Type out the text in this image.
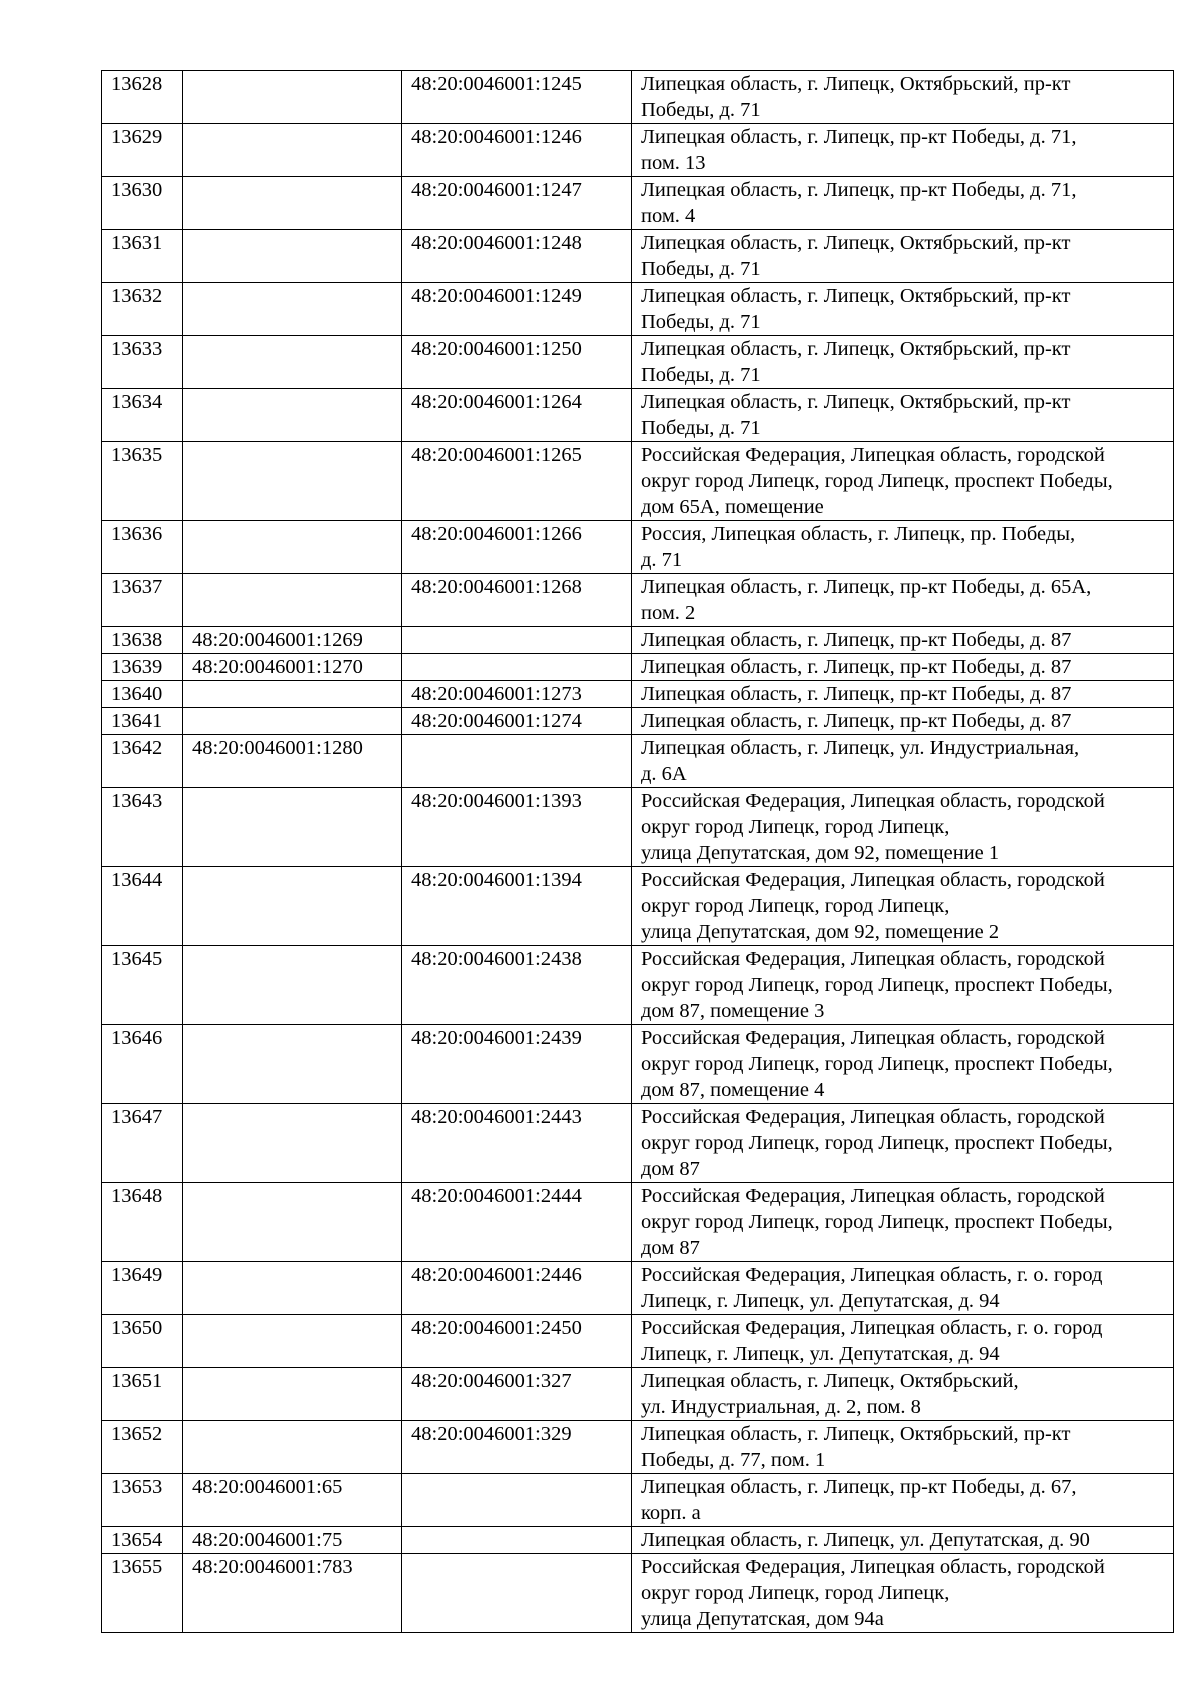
13628		48:20:0046001:1245	Липецкая область, г. Липецк, Октябрьский, пр-кт
Победы, д. 71

13629		48:20:0046001:1246	Липецкая область, г. Липецк, пр-кт Победы, д. 71,
пом. 13

13630		48:20:0046001:1247	Липецкая область, г. Липецк, пр-кт Победы, д. 71,
пом. 4

13631		48:20:0046001:1248	Липецкая область, г. Липецк, Октябрьский, пр-кт
Победы, д. 71

13632		48:20:0046001:1249	Липецкая область, г. Липецк, Октябрьский, пр-кт
Победы, д. 71

13633		48:20:0046001:1250	Липецкая область, г. Липецк, Октябрьский, пр-кт
Победы, д. 71

13634		48:20:0046001:1264	Липецкая область, г. Липецк, Октябрьский, пр-кт
Победы, д. 71

13635		48:20:0046001:1265	Российская Федерация, Липецкая область, городской
округ город Липецк, город Липецк, проспект Победы,
дом 65А, помещение

13636		48:20:0046001:1266	Россия, Липецкая область, г. Липецк, пр. Победы,
д. 71

13637		48:20:0046001:1268	Липецкая область, г. Липецк, пр-кт Победы, д. 65А,
пом. 2

13638	48:20:0046001:1269		Липецкая область, г. Липецк, пр-кт Победы, д. 87

13639	48:20:0046001:1270		Липецкая область, г. Липецк, пр-кт Победы, д. 87

13640		48:20:0046001:1273	Липецкая область, г. Липецк, пр-кт Победы, д. 87

13641		48:20:0046001:1274	Липецкая область, г. Липецк, пр-кт Победы, д. 87

13642	48:20:0046001:1280		Липецкая область, г. Липецк, ул. Индустриальная,
д. 6А

13643		48:20:0046001:1393	Российская Федерация, Липецкая область, городской
округ город Липецк, город Липецк,
улица Депутатская, дом 92, помещение 1

13644		48:20:0046001:1394	Российская Федерация, Липецкая область, городской
округ город Липецк, город Липецк,
улица Депутатская, дом 92, помещение 2

13645		48:20:0046001:2438	Российская Федерация, Липецкая область, городской
округ город Липецк, город Липецк, проспект Победы,
дом 87, помещение 3

13646		48:20:0046001:2439	Российская Федерация, Липецкая область, городской
округ город Липецк, город Липецк, проспект Победы,
дом 87, помещение 4

13647		48:20:0046001:2443	Российская Федерация, Липецкая область, городской
округ город Липецк, город Липецк, проспект Победы,
дом 87

13648		48:20:0046001:2444	Российская Федерация, Липецкая область, городской
округ город Липецк, город Липецк, проспект Победы,
дом 87

13649		48:20:0046001:2446	Российская Федерация, Липецкая область, г. о. город
Липецк, г. Липецк, ул. Депутатская, д. 94

13650		48:20:0046001:2450	Российская Федерация, Липецкая область, г. о. город
Липецк, г. Липецк, ул. Депутатская, д. 94

13651		48:20:0046001:327	Липецкая область, г. Липецк, Октябрьский,
ул. Индустриальная, д. 2, пом. 8

13652		48:20:0046001:329	Липецкая область, г. Липецк, Октябрьский, пр-кт
Победы, д. 77, пом. 1

13653	48:20:0046001:65		Липецкая область, г. Липецк, пр-кт Победы, д. 67,
корп. а

13654	48:20:0046001:75		Липецкая область, г. Липецк, ул. Депутатская, д. 90

13655	48:20:0046001:783		Российская Федерация, Липецкая область, городской
округ город Липецк, город Липецк,
улица Депутатская, дом 94а
